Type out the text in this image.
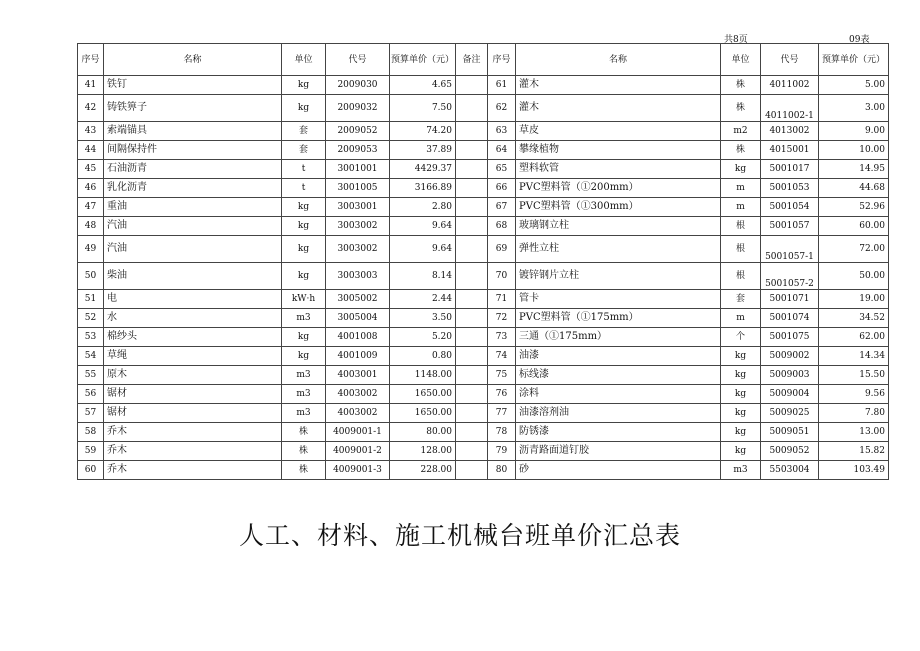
共8页	09表
序号	名称	单位	代号	预算单价（元）	备注	序号	名称	单位	代号	预算单价（元）	
41	铁钉	kg	2009030	4.65		61	灌木	株	4011002	5.00	
42	铸铁箅子	kg	2009032	7.50		62	灌木	株	4011002-1	3.00	
43	索端锚具	套	2009052	74.20		63	草皮	m2	4013002	9.00	
44	间隔保持件	套	2009053	37.89		64	攀缘植物	株	4015001	10.00	
45	石油沥青	t	3001001	4429.37		65	塑料软管	kg	5001017	14.95	
46	乳化沥青	t	3001005	3166.89		66	PVC塑料管（①200mm）	m	5001053	44.68	
47	重油	kg	3003001	2.80		67	PVC塑料管（①300mm）	m	5001054	52.96	
48	汽油	kg	3003002	9.64		68	玻璃钢立柱	根	5001057	60.00	
49	汽油	kg	3003002	9.64		69	弹性立柱	根	5001057-1	72.00	
50	柴油	kg	3003003	8.14		70	镀锌钢片立柱	根	5001057-2	50.00	
51	电	kW·h	3005002	2.44		71	管卡	套	5001071	19.00	
52	水	m3	3005004	3.50		72	PVC塑料管（①175mm）	m	5001074	34.52	
53	棉纱头	kg	4001008	5.20		73	三通（①175mm）	个	5001075	62.00	
54	草绳	kg	4001009	0.80		74	油漆	kg	5009002	14.34	
55	原木	m3	4003001	1148.00		75	标线漆	kg	5009003	15.50	
56	锯材	m3	4003002	1650.00		76	涂料	kg	5009004	9.56	
57	锯材	m3	4003002	1650.00		77	油漆溶剂油	kg	5009025	7.80	
58	乔木	株	4009001-1	80.00		78	防锈漆	kg	5009051	13.00	
59	乔木	株	4009001-2	128.00		79	沥青路面道钉胶	kg	5009052	15.82	
60	乔木	株	4009001-3	228.00		80	砂	m3	5503004	103.49	
人工、材料、施工机械台班单价汇总表
